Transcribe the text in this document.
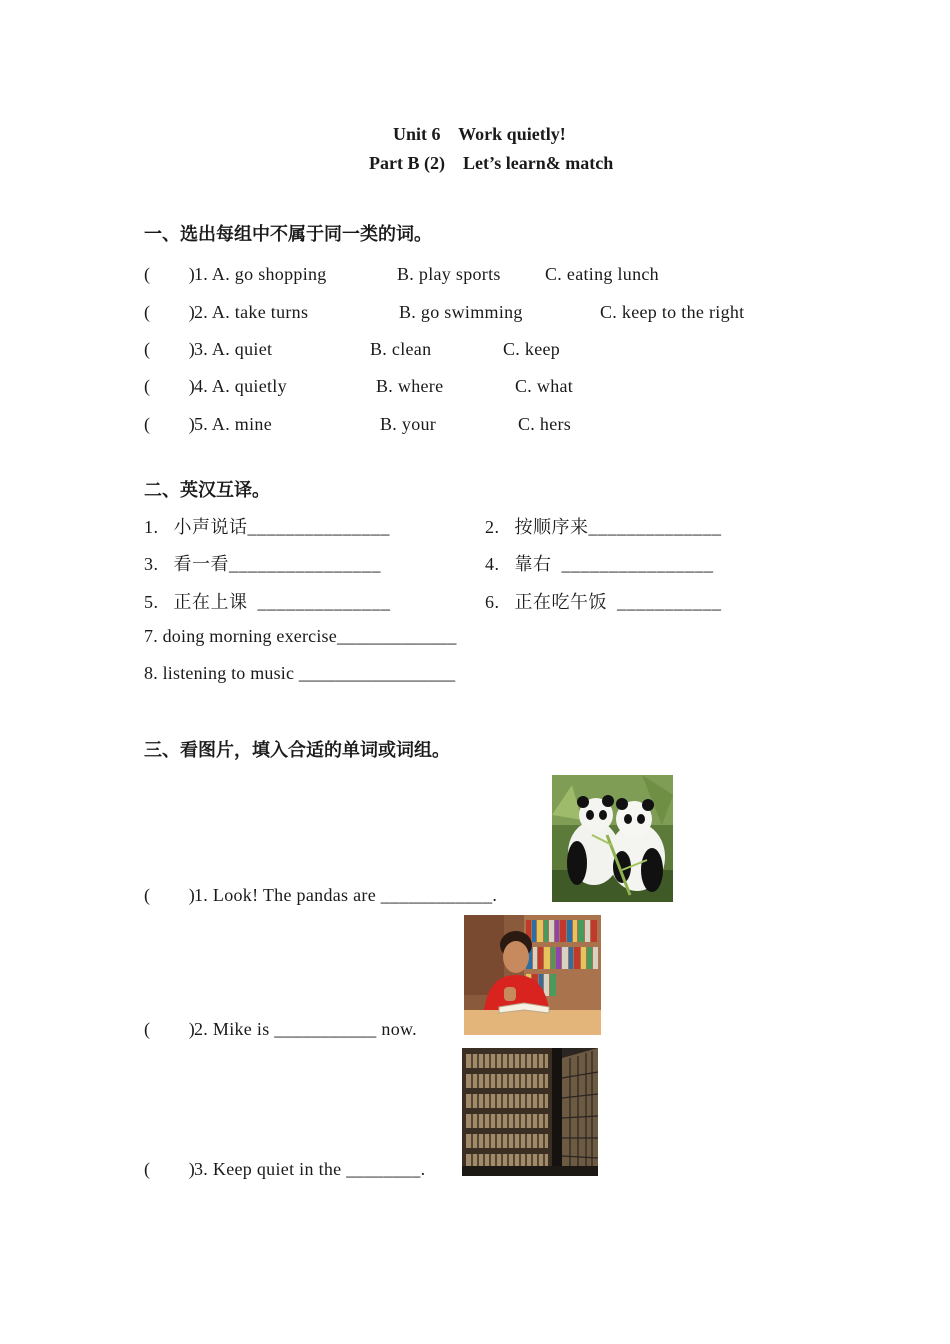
Unit 6    Work quietly!
Part B (2)    Let’s learn& match
一、选出每组中不属于同一类的词。
(        ) 1. A. go shopping	B. play sports C. eating lunch
(        ) 2. A. take turns	B. go swimming	C. keep to the right
(        ) 3. A. quiet	B. clean	C. keep
(        ) 4. A. quietly	B. where	C. what
(        ) 5. A. mine	B. your	C. hers
二、英汉互译。
1.   小声说话_______________	2.   按顺序来______________
3.   看一看________________	4.   靠右  ________________
5.   正在上课  ______________	6.   正在吃午饭  ___________
7. doing morning exercise_____________
8. listening to music _________________
三、看图片，填入合适的单词或词组。
(        ) 1. Look! The pandas are ____________.
(        ) 2. Mike is ___________ now.
(        ) 3. Keep quiet in the ________.
